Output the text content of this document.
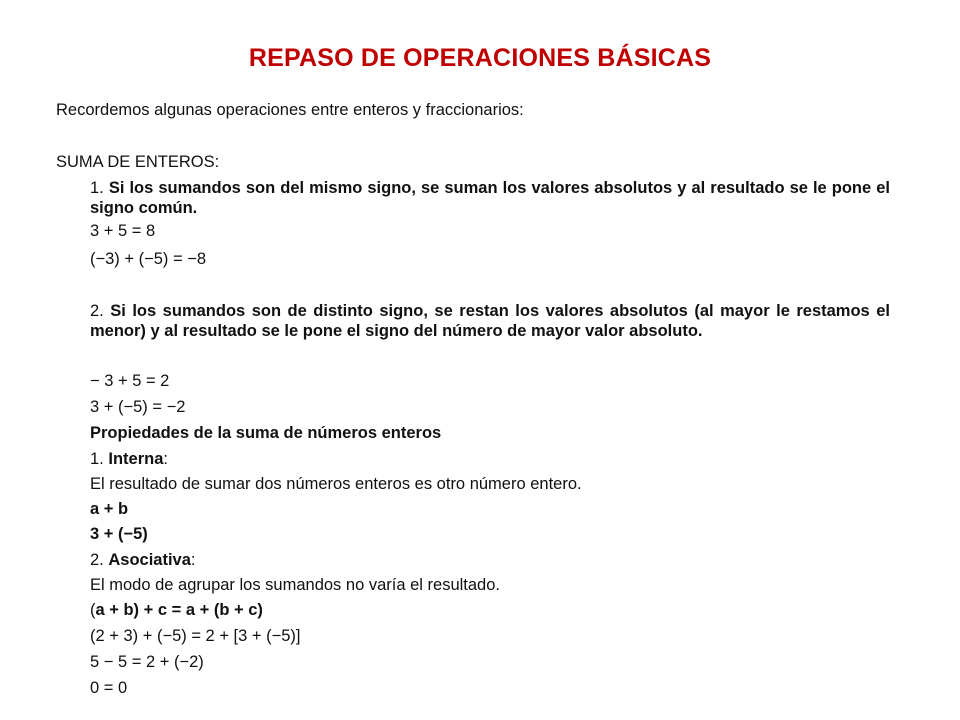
REPASO DE OPERACIONES BÁSICAS
Recordemos algunas operaciones entre enteros y fraccionarios:
SUMA DE ENTEROS:
1. Si los sumandos son del mismo signo, se suman los valores absolutos y al resultado se le pone el signo común.
3 + 5 = 8
(−3) + (−5) = −8
2. Si los sumandos son de distinto signo, se restan los valores absolutos (al mayor le restamos el menor) y al resultado se le pone el signo del número de mayor valor absoluto.
− 3 + 5 = 2
3 + (−5) = −2
Propiedades de la suma de números enteros
1. Interna:
El resultado de sumar dos números enteros es otro número entero.
a + b
3 + (−5)
2. Asociativa:
El modo de agrupar los sumandos no varía el resultado.
(a + b) + c = a + (b + c)
(2 + 3) + (−5) = 2 + [3 + (−5)]
5 − 5 = 2 + (−2)
0 = 0
